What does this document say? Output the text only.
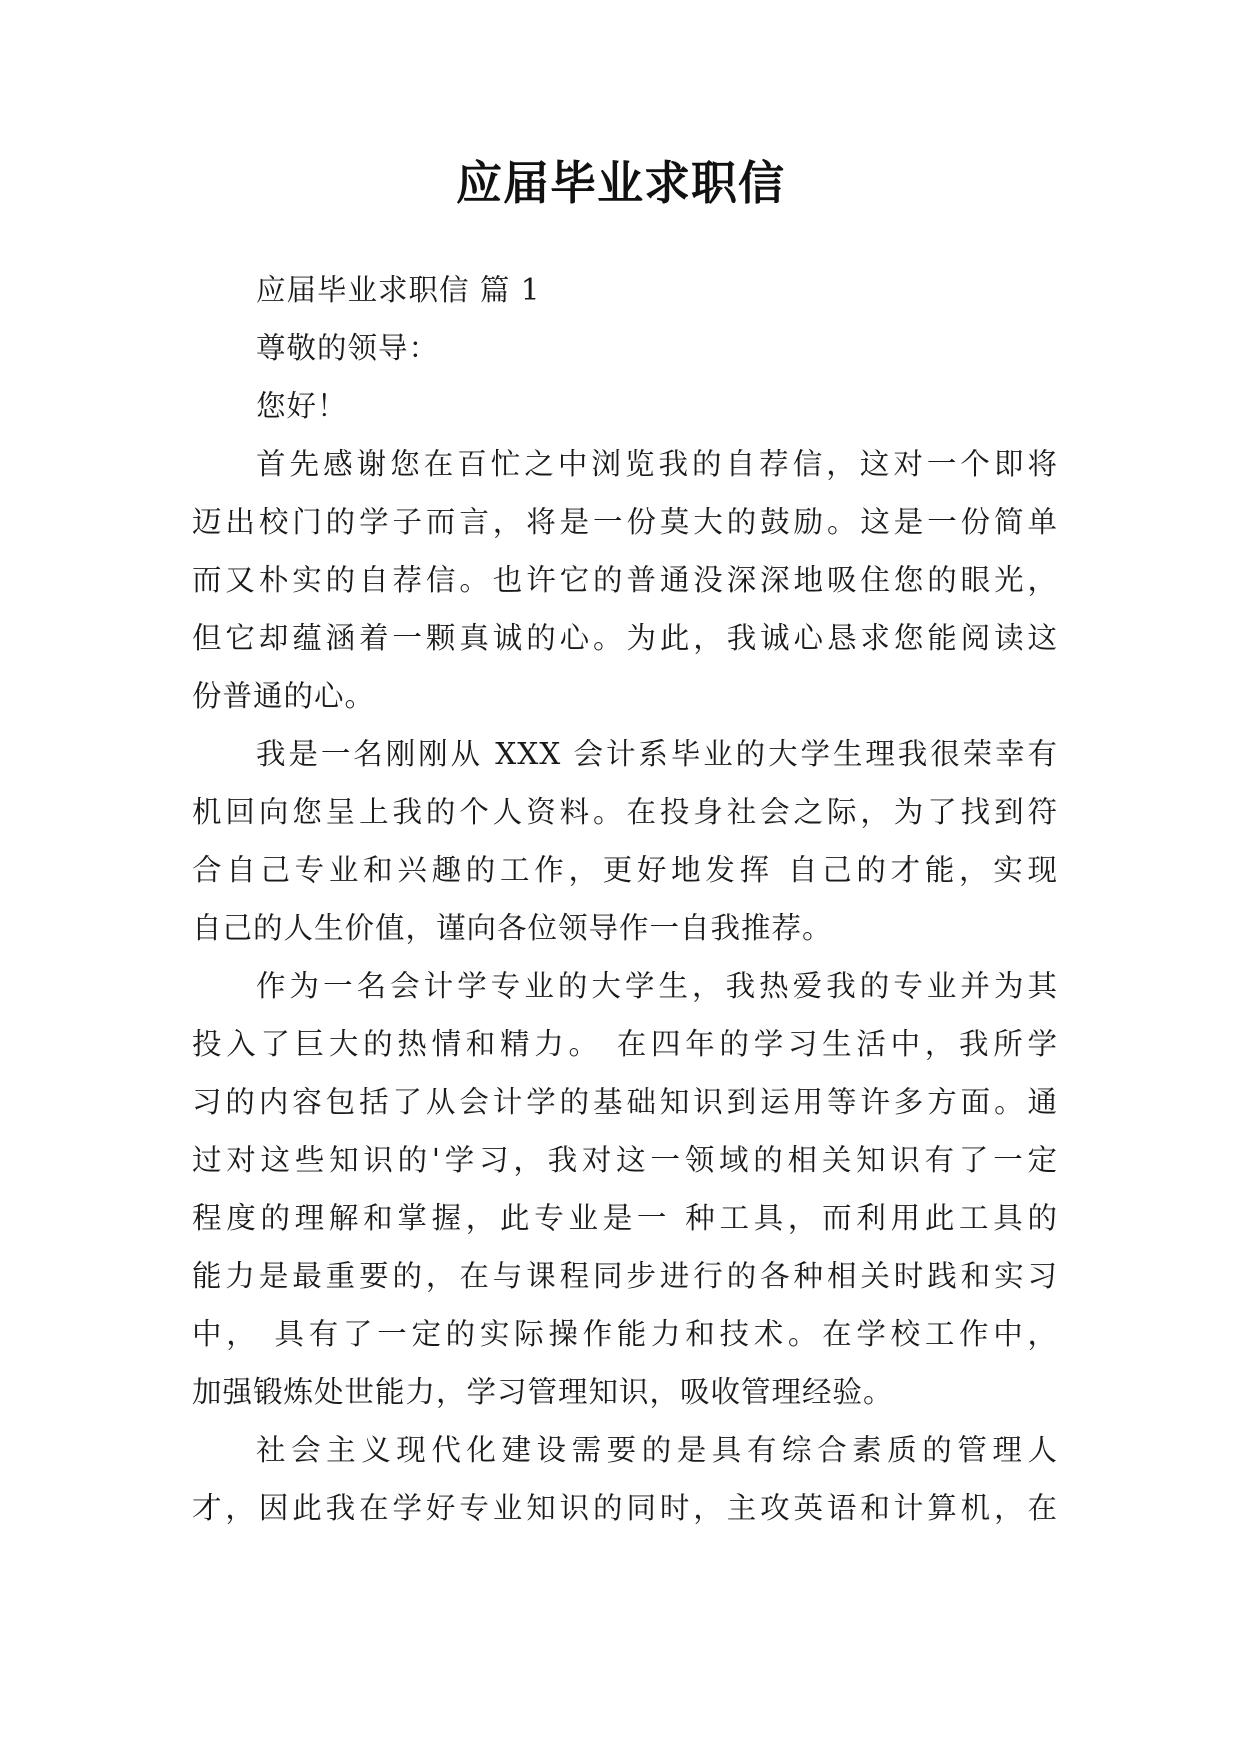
应届毕业求职信
应届毕业求职信 篇 1
尊敬的领导：
您好！
首先感谢您在百忙之中浏览我的自荐信，这对一个即将
迈出校门的学子而言，将是一份莫大的鼓励。这是一份简单
而又朴实的自荐信。也许它的普通没深深地吸住您的眼光，
但它却蕴涵着一颗真诚的心。为此，我诚心恳求您能阅读这
份普通的心。
我是一名刚刚从 XXX 会计系毕业的大学生理我很荣幸有
机回向您呈上我的个人资料。在投身社会之际，为了找到符
合自己专业和兴趣的工作，更好地发挥 自己的才能，实现
自己的人生价值，谨向各位领导作一自我推荐。
作为一名会计学专业的大学生，我热爱我的专业并为其
投入了巨大的热情和精力。 在四年的学习生活中，我所学
习的内容包括了从会计学的基础知识到运用等许多方面。通
过对这些知识的'学习，我对这一领域的相关知识有了一定
程度的理解和掌握，此专业是一 种工具，而利用此工具的
能力是最重要的，在与课程同步进行的各种相关时践和实习
中， 具有了一定的实际操作能力和技术。在学校工作中，
加强锻炼处世能力，学习管理知识，吸收管理经验。
社会主义现代化建设需要的是具有综合素质的管理人
才，因此我在学好专业知识的同时，主攻英语和计算机，在
